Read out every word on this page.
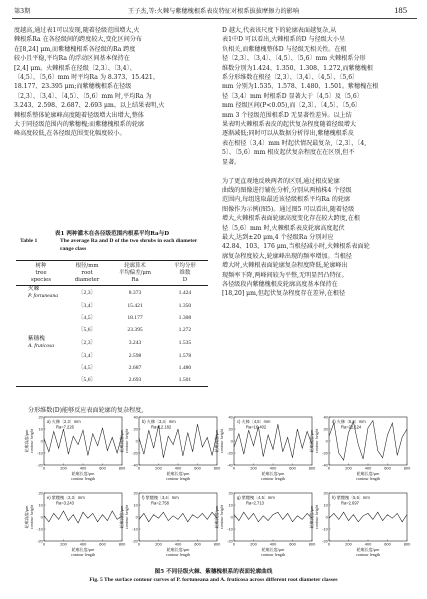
第3期	王子杰,等:火棘与紫穗槐根系表皮特征对根系拔拔摩擦力的影响	185
度越高,通过表1可以发现,随着径级范围增大,火
棘根系Ra 在各径级间的跨度较大,变化区间分布
在[8,24] μm,而紫穗槐根系各径级的Ra 跨度
较小且平稳,平均Ra 的浮动区间基本保持在
[2,4] μm。火棘根系在径级〔2,3〕、〔3,4〕、
〔4,5〕、〔5,6〕mm 时平均Ra 为 8.373、15.421、
18.177、23.395 μm;而紫穗槐根系在径级
〔2,3〕、〔3,4〕、〔4,5〕、〔5,6〕mm 时,平均Ra 为
3.243、2.598、2.687、2.693 μm。以上结果表明,火
棘根系整体轮廓峰高度随着径级增大出增大,整体
大于同径级范围内的紫穗槐;而紫穗槐根系的轮廓
峰高度较低,在各径级范围变化幅度较小。
表1 两种灌木在各径级范围内根系平均Ra与D
Table 1	The average Ra and D of the two shrubs in each diameter range class
树种
tree
species	根径/mm
root
diameter	轮廓算术
平均偏差/μm
Ra	平均分形
维数
D
火棘
P. fortuneana	〔2,3〕	8.373	1.424
	〔3,4〕	15.421	1.350
	〔4,5〕	18.177	1.308
	〔5,6〕	23.395	1.272
紫穗槐
A. fruticosa	〔2,3〕	3.243	1.535
	〔3,4〕	2.598	1.578
	〔4,5〕	2.687	1.480
	〔5,6〕	2.693	1.501
分形维数(D)能够反应表面轮廓的复杂程度,
D 越大,代表该尺度下的轮廓表面越复杂,从
表1中D 可以看出,火棘根系的D 与径级大小呈
负相关,而紫穗槐整体D 与径级无相关性。在根
径〔2,3〕、〔3,4〕、〔4,5〕、〔5,6〕mm 火棘根系分形
维数分别为1.424、1.350、1.308、1.272,而紫穗槐根
系分形维数在根径〔2,3〕、〔3,4〕、〔4,5〕、〔5,6〕
mm 分别为1.535、1.578、1.480、1.501。紫穗槐在根
径〔3,4〕mm 时根系D 显著大于〔4,5〕及〔5,6〕
mm 径级区间(P<0.05),而〔2,3〕、〔4,5〕、〔5,6〕
mm 3 个径级范围根系D 无显著性差异。以上结
果表明火棘根系表皮的起伏复杂程度随着径级增大
逐渐减低;同时可以从数据分析得出,紫穗槐根系皮
表在根径〔3,4〕mm 时起伏情况最复杂,〔2,3〕、〔4,
5〕、〔5,6〕mm 根皮起伏复杂程度在在区别,但不
显著。
为了更直观地反映两者的区别,通过根皮轮廓
曲线的图像进行辅佐分析,分别从两植株4 个径级
范围内,每组选取最近该径级根系平均Ra 的轮廓
图像作为示例(图5)。通过图5 可以看出,随着径级
增大,火棘根系表面轮廓高度变化存在较大跨度,在根
径〔5,6〕mm 时,火棘根系表皮轮廓高度起伏
最大,达到±20 μm,4 个径级Ra 分别对应
42.84、103、176 μm,当根径减小时,火棘根系表面轮
廓复杂程度较大,轮廓峰出现的频率增加。当根径
增大时,火棘根表面轮廓复杂程度降低,轮廓峰出
现频率下降,两峰间较为平整,无明显凹凸特征。
各径级段内紫穗槐根皮轮廓高度基本保持在
[18,20] μm,但起伏复杂程度存在差异,在根径
0	200	400	600	800
-20
-10
0
10
20
a) 火棘〔2,3〕mm
Ra=7.226
轮廓长度/μm
contour length
轮廓高度/μm contour height
0	200	400	600	800
-40
-20
0
20
40
b) 火棘〔3,4〕mm
Ra=12.182
轮廓长度/μm
contour length
轮廓高度/μm contour height
0	200	400	600	800
-40
-20
0
20
40
c) 火棘〔4,5〕mm
Ra=16.402
轮廓长度/μm
contour length
轮廓高度/μm contour height
0	200	400	600	800
-40
-20
0
20
40
d) 火棘〔5,6〕mm
Ra=22.124
轮廓长度/μm
contour length
轮廓高度/μm contour height
0	200	400	600	800
-20
-10
0
10
20
e) 紫穗槐〔2,3〕mm
Ra=3.243
轮廓长度/μm
contour length
轮廓高度/μm contour height
0	200	400	600	800
-20
-10
0
10
20
f) 紫穗槐〔3,4〕mm
Ra=2.758
轮廓长度/μm
contour length
轮廓高度/μm contour height
0	200	400	600	800
-20
-10
0
10
20
g) 紫穗槐〔4,5〕mm
Ra=2.713
轮廓长度/μm
contour length
轮廓高度/μm contour height
0	200	400	600	800
-20
-10
0
10
20
h) 紫穗槐〔5,6〕mm
Ra=2.697
轮廓长度/μm
contour length
轮廓高度/μm contour height
图5 不同径级火棘、紫穗槐根系的表面轮廓曲线
Fig. 5 The surface contour curves of P. fortuneana and A. fruticosa across different root diameter classes
